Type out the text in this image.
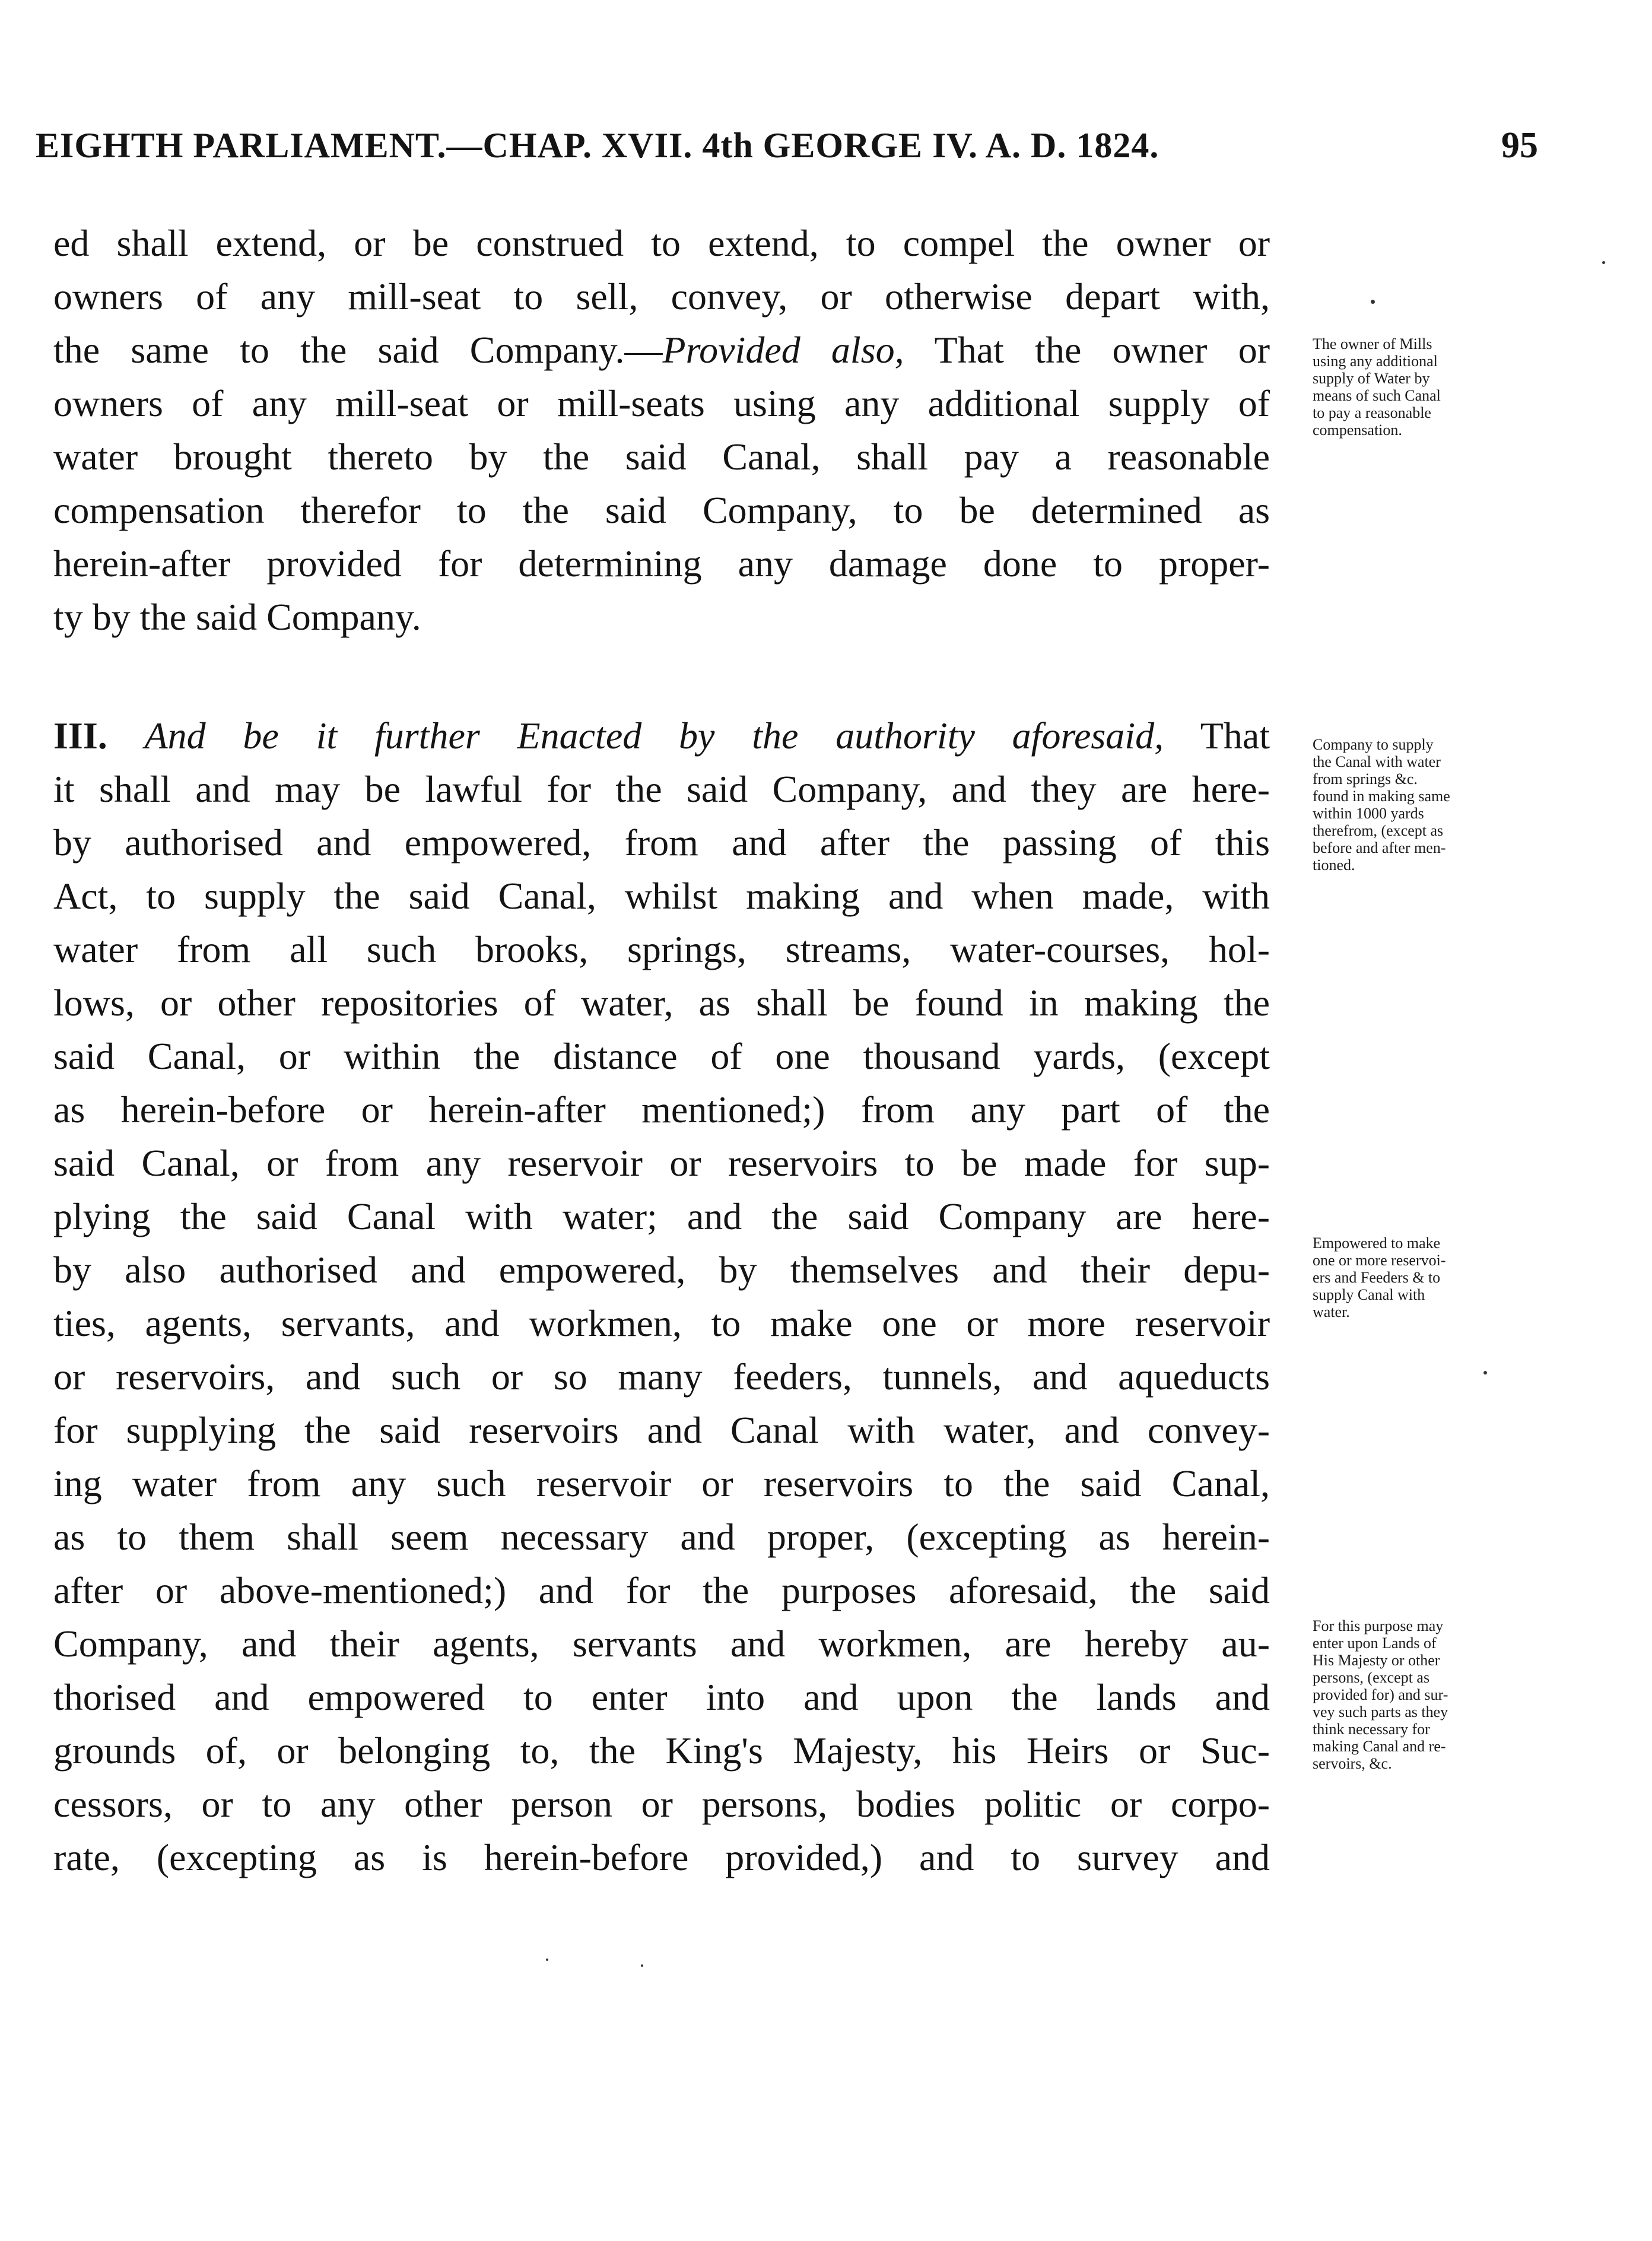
EIGHTH PARLIAMENT.—CHAP. XVII. 4th GEORGE IV. A. D. 1824.	95
ed shall extend, or be construed to extend, to compel the owner or
owners of any mill-seat to sell, convey, or otherwise depart with,
the same to the said Company.—Provided also, That the owner or
owners of any mill-seat or mill-seats using any additional supply of
water brought thereto by the said Canal, shall pay a reasonable
compensation therefor to the said Company, to be determined as
herein-after provided for determining any damage done to proper-
ty by the said Company.
III. And be it further Enacted by the authority aforesaid, That
it shall and may be lawful for the said Company, and they are here-
by authorised and empowered, from and after the passing of this
Act, to supply the said Canal, whilst making and when made, with
water from all such brooks, springs, streams, water-courses, hol-
lows, or other repositories of water, as shall be found in making the
said Canal, or within the distance of one thousand yards, (except
as herein-before or herein-after mentioned;) from any part of the
said Canal, or from any reservoir or reservoirs to be made for sup-
plying the said Canal with water; and the said Company are here-
by also authorised and empowered, by themselves and their depu-
ties, agents, servants, and workmen, to make one or more reservoir
or reservoirs, and such or so many feeders, tunnels, and aqueducts
for supplying the said reservoirs and Canal with water, and convey-
ing water from any such reservoir or reservoirs to the said Canal,
as to them shall seem necessary and proper, (excepting as herein-
after or above-mentioned;) and for the purposes aforesaid, the said
Company, and their agents, servants and workmen, are hereby au-
thorised and empowered to enter into and upon the lands and
grounds of, or belonging to, the King's Majesty, his Heirs or Suc-
cessors, or to any other person or persons, bodies politic or corpo-
rate, (excepting as is herein-before provided,) and to survey and
The owner of Mills
using any additional
supply of Water by
means of such Canal
to pay a reasonable
compensation.
Company to supply
the Canal with water
from springs &c.
found in making same
within 1000 yards
therefrom, (except as
before and after men-
tioned.
Empowered to make
one or more reservoi-
ers and Feeders & to
supply Canal with
water.
For this purpose may
enter upon Lands of
His Majesty or other
persons, (except as
provided for) and sur-
vey such parts as they
think necessary for
making Canal and re-
servoirs, &c.
